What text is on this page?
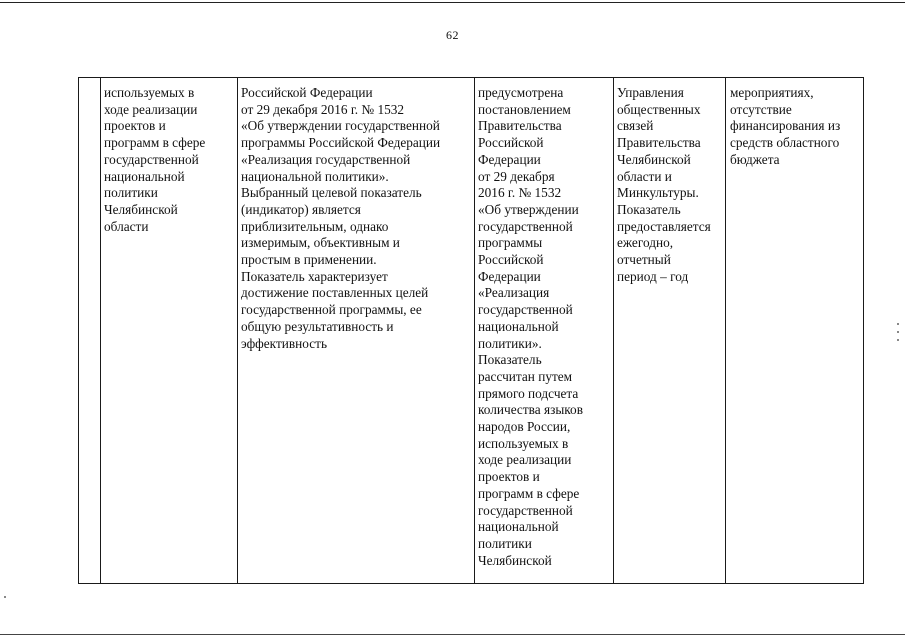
62
используемых в
ходе реализации
проектов и
программ в сфере
государственной
национальной
политики
Челябинской
области
Российской Федерации
от 29 декабря 2016 г. № 1532
«Об утверждении государственной
программы Российской Федерации
«Реализация государственной
национальной политики».
Выбранный целевой показатель
(индикатор) является
приблизительным, однако
измеримым, объективным и
простым в применении.
Показатель характеризует
достижение поставленных целей
государственной программы, ее
общую результативность и
эффективность
предусмотрена
постановлением
Правительства
Российской
Федерации
от 29 декабря
2016 г. № 1532
«Об утверждении
государственной
программы
Российской
Федерации
«Реализация
государственной
национальной
политики».
Показатель
рассчитан путем
прямого подсчета
количества языков
народов России,
используемых в
ходе реализации
проектов и
программ в сфере
государственной
национальной
политики
Челябинской
Управления
общественных
связей
Правительства
Челябинской
области и
Минкультуры.
Показатель
предоставляется
ежегодно,
отчетный
период – год
мероприятиях,
отсутствие
финансирования из
средств областного
бюджета
